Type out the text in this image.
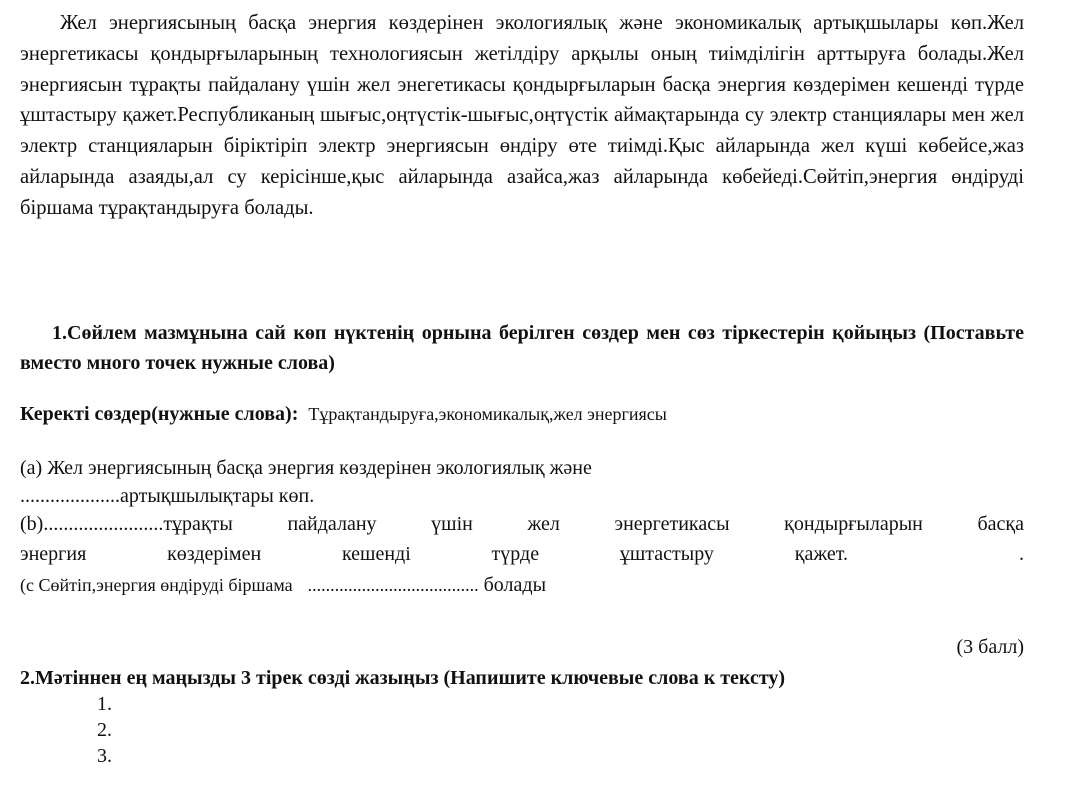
Жел энергиясының басқа энергия көздерінен экологиялық және экономикалық артықшылары көп.Жел энергетикасы қондырғыларының технологиясын жетілдіру арқылы оның тиімділігін арттыруға болады.Жел энергиясын тұрақты пайдалану үшін жел энегетикасы қондырғыларын басқа энергия көздерімен кешенді түрде ұштастыру қажет.Республиканың шығыс,оңтүстік-шығыс,оңтүстік аймақтарында су электр станциялары мен жел электр станцияларын біріктіріп электр энергиясын өндіру өте тиімді.Қыс айларында жел күші көбейсе,жаз айларында азаяды,ал су керісінше,қыс айларында азайса,жаз айларында көбейеді.Сөйтіп,энергия өндіруді біршама тұрақтандыруға болады.
1.Сөйлем мазмұнына сай көп нүктенің орнына берілген сөздер мен сөз тіркестерін қойыңыз (Поставьте вместо много точек нужные слова)
Керекті сөздер(нужные слова): Тұрақтандыруға,экономикалық,жел энергиясы
(а) Жел энергиясының басқа энергия көздерінен экологиялық және
....................артықшылықтары көп.
(b)........................тұрақты пайдалану үшін жел энергетикасы қондырғыларын басқа
энергия көздерімен кешенді түрде ұштастыру қажет.	.
(с Сөйтіп,энергия өндіруді біршама ...................................... болады
(3 балл)
2.Мәтіннен ең маңызды 3 тірек сөзді жазыңыз (Напишите ключевые слова к тексту)
1.
2.
3.
